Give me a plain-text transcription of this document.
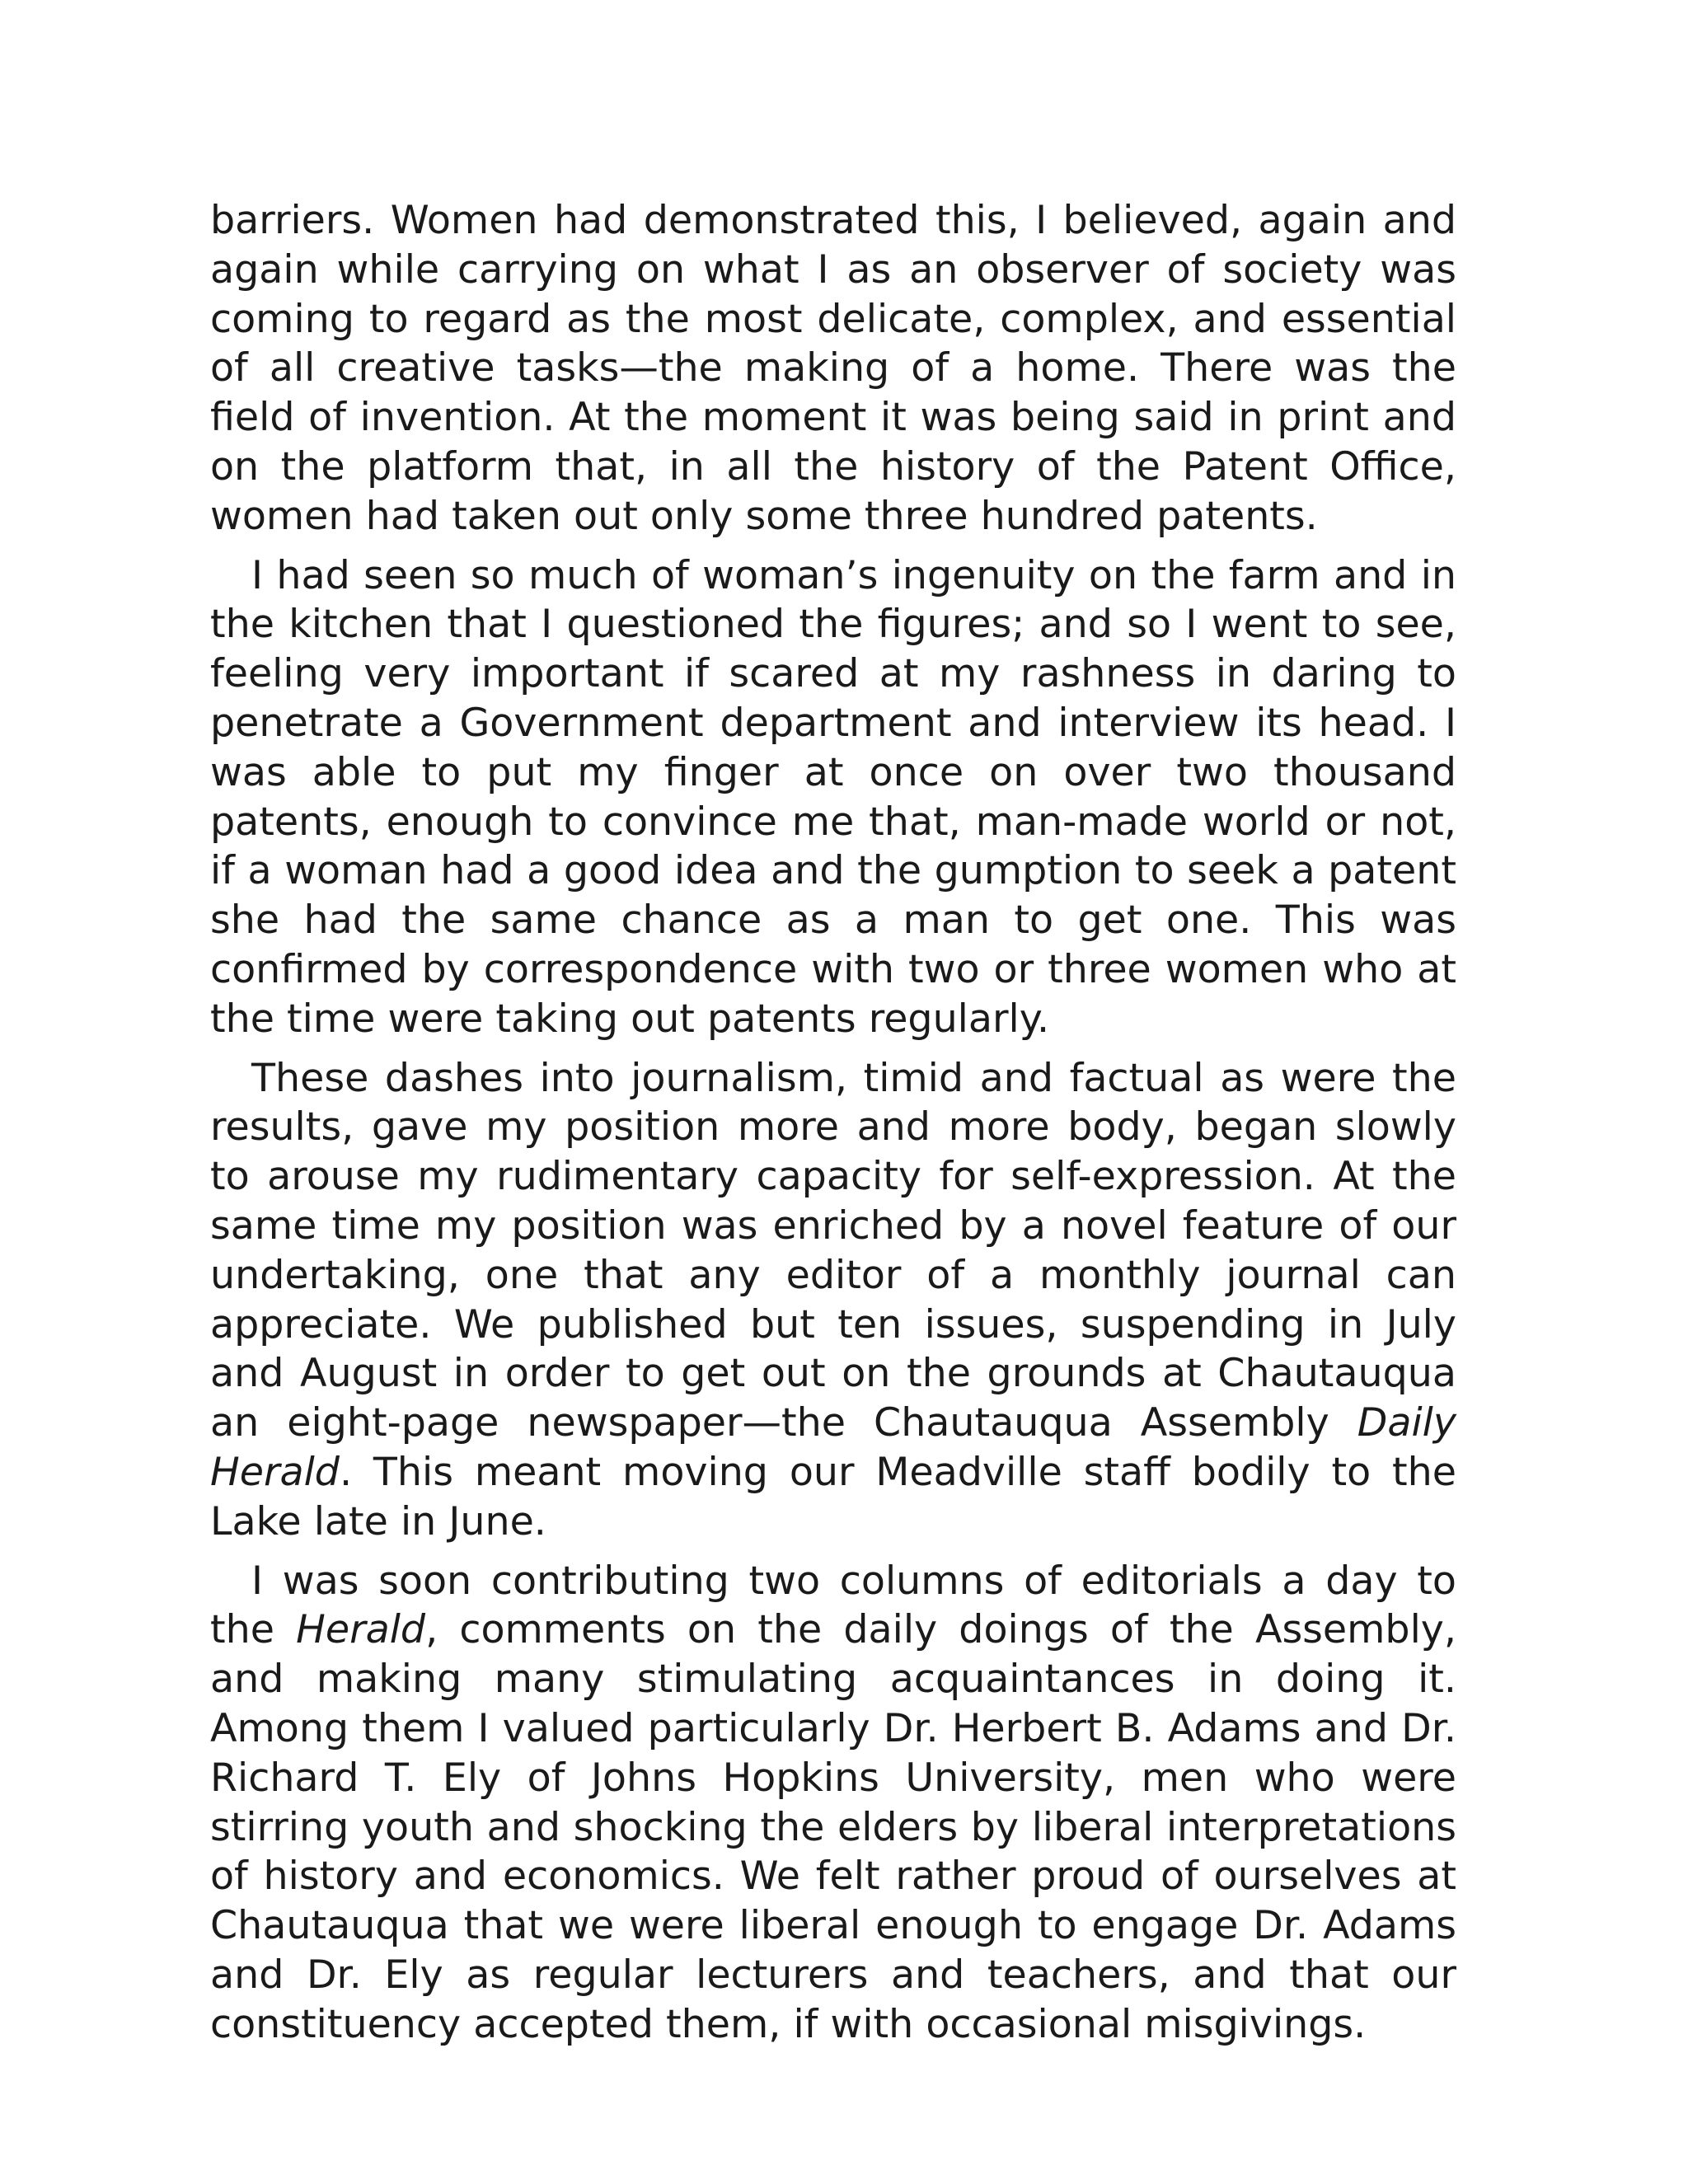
barriers. Women had demonstrated this, I believed, again and again while carrying on what I as an observer of society was coming to regard as the most delicate, complex, and essential of all creative tasks—the making of a home. There was the field of invention. At the moment it was being said in print and on the platform that, in all the history of the Patent Office, women had taken out only some three hundred patents.

I had seen so much of woman’s ingenuity on the farm and in the kitchen that I questioned the figures; and so I went to see, feeling very important if scared at my rashness in daring to penetrate a Government department and interview its head. I was able to put my finger at once on over two thousand patents, enough to convince me that, man-made world or not, if a woman had a good idea and the gumption to seek a patent she had the same chance as a man to get one. This was confirmed by correspondence with two or three women who at the time were taking out patents regularly.

These dashes into journalism, timid and factual as were the results, gave my position more and more body, began slowly to arouse my rudimentary capacity for self-expression. At the same time my position was enriched by a novel feature of our undertaking, one that any editor of a monthly journal can appreciate. We published but ten issues, suspending in July and August in order to get out on the grounds at Chautauqua an eight-page newspaper—the Chautauqua Assembly Daily Herald. This meant moving our Meadville staff bodily to the Lake late in June.

I was soon contributing two columns of editorials a day to the Herald, comments on the daily doings of the Assembly, and making many stimulating acquaintances in doing it. Among them I valued particularly Dr. Herbert B. Adams and Dr. Richard T. Ely of Johns Hopkins University, men who were stirring youth and shocking the elders by liberal interpretations of history and economics. We felt rather proud of ourselves at Chautauqua that we were liberal enough to engage Dr. Adams and Dr. Ely as regular lecturers and teachers, and that our constituency accepted them, if with occasional misgivings.
